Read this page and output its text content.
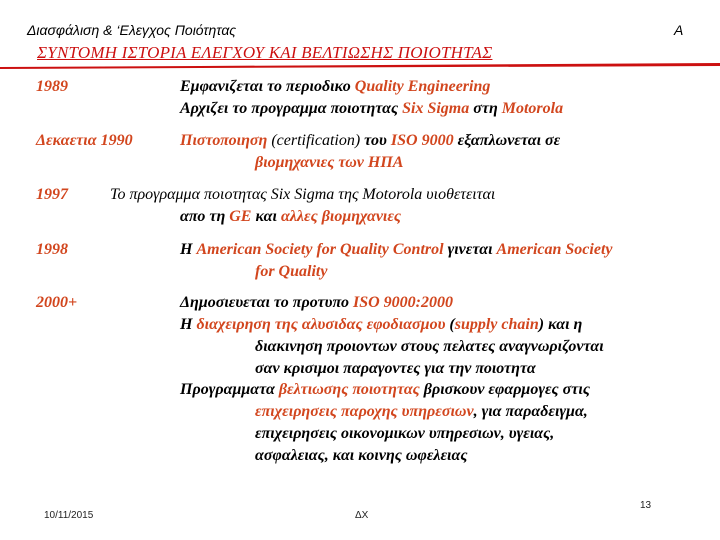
Διασφάλιση & ‘Ελεγχος Ποιότητας	Α
ΣΥΝΤΟΜΗ ΙΣΤΟΡΙΑ ΕΛΕΓΧΟΥ ΚΑΙ ΒΕΛΤΙΩΣΗΣ ΠΟΙΟΤΗΤΑΣ
1989	Εμφανιζεται το περιοδικο Quality Engineering
Αρχιζει το προγραμμα ποιοτητας Six Sigma στη Motorola
Δεκαετια 1990	Πιστοποιηση (certification) του ISO 9000 εξαπλωνεται σε
βιομηχανιες των ΗΠΑ
1997	Το προγραμμα ποιοτητας Six Sigma της Motorola υιοθετειται
απο τη GE και αλλες βιομηχανιες
1998	Η American Society for Quality Control γινεται American Society
for Quality
2000+	Δημοσιευεται το προτυπο ISO 9000:2000
Η διαχειρηση της αλυσιδας εφοδιασμου (supply chain) και η
διακινηση προιοντων στους πελατες αναγνωριζονται
σαν κρισιμοι παραγοντες για την ποιοτητα
Προγραμματα βελτιωσης ποιοτητας βρισκουν εφαρμογες στις
επιχειρησεις παροχης υπηρεσιων, για παραδειγμα,
επιχειρησεις οικονομικων υπηρεσιων, υγειας,
ασφαλειας, και κοινης ωφελειας
10/11/2015	ΔΧ
13
